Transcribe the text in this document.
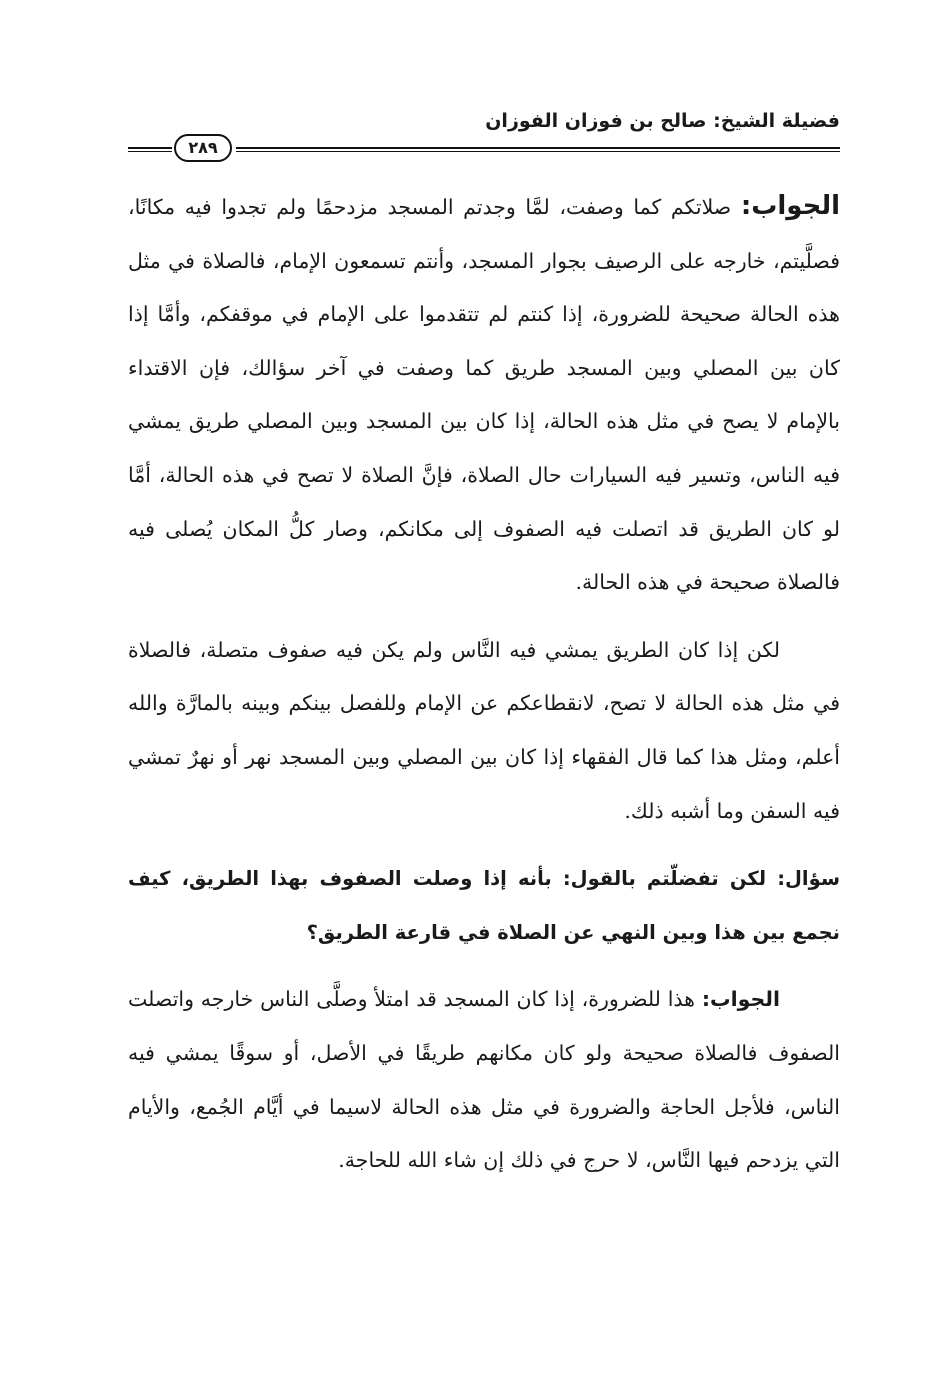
فضيلة الشيخ: صالح بن فوزان الفوزان
٢٨٩

الجواب: صلاتكم كما وصفت، لمَّا وجدتم المسجد مزدحمًا ولم تجدوا فيه مكانًا، فصلَّيتم، خارجه على الرصيف بجوار المسجد، وأنتم تسمعون الإمام، فالصلاة في مثل هذه الحالة صحيحة للضرورة، إذا كنتم لم تتقدموا على الإمام في موقفكم، وأمَّا إذا كان بين المصلي وبين المسجد طريق كما وصفت في آخر سؤالك، فإن الاقتداء بالإمام لا يصح في مثل هذه الحالة، إذا كان بين المسجد وبين المصلي طريق يمشي فيه الناس، وتسير فيه السيارات حال الصلاة، فإنَّ الصلاة لا تصح في هذه الحالة، أمَّا لو كان الطريق قد اتصلت فيه الصفوف إلى مكانكم، وصار كلُّ المكان يُصلى فيه فالصلاة صحيحة في هذه الحالة.

لكن إذا كان الطريق يمشي فيه النَّاس ولم يكن فيه صفوف متصلة، فالصلاة في مثل هذه الحالة لا تصح، لانقطاعكم عن الإمام وللفصل بينكم وبينه بالمارَّة والله أعلم، ومثل هذا كما قال الفقهاء إذا كان بين المصلي وبين المسجد نهر أو نهرٌ تمشي فيه السفن وما أشبه ذلك.

سؤال: لكن تفضلّتم بالقول: بأنه إذا وصلت الصفوف بهذا الطريق، كيف نجمع بين هذا وبين النهي عن الصلاة في قارعة الطريق؟

الجواب: هذا للضرورة، إذا كان المسجد قد امتلأ وصلَّى الناس خارجه واتصلت الصفوف فالصلاة صحيحة ولو كان مكانهم طريقًا في الأصل، أو سوقًا يمشي فيه الناس، فلأجل الحاجة والضرورة في مثل هذه الحالة لاسيما في أيَّام الجُمع، والأيام التي يزدحم فيها النَّاس، لا حرج في ذلك إن شاء الله للحاجة.
